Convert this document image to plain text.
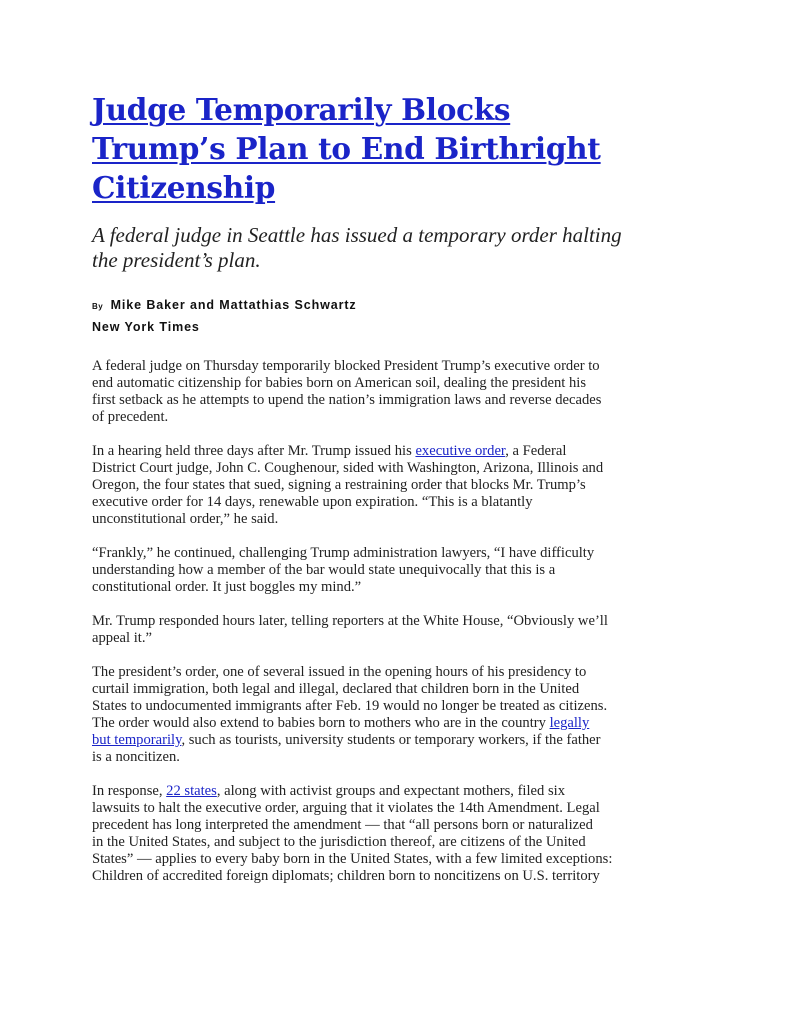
Judge Temporarily Blocks
Trump’s Plan to End Birthright
Citizenship
A federal judge in Seattle has issued a temporary order halting
the president’s plan.
By Mike Baker and Mattathias Schwartz
New York Times

A federal judge on Thursday temporarily blocked President Trump’s executive order to
end automatic citizenship for babies born on American soil, dealing the president his
first setback as he attempts to upend the nation’s immigration laws and reverse decades
of precedent.

In a hearing held three days after Mr. Trump issued his executive order, a Federal
District Court judge, John C. Coughenour, sided with Washington, Arizona, Illinois and
Oregon, the four states that sued, signing a restraining order that blocks Mr. Trump’s
executive order for 14 days, renewable upon expiration. “This is a blatantly
unconstitutional order,” he said.

“Frankly,” he continued, challenging Trump administration lawyers, “I have difficulty
understanding how a member of the bar would state unequivocally that this is a
constitutional order. It just boggles my mind.”

Mr. Trump responded hours later, telling reporters at the White House, “Obviously we’ll
appeal it.”

The president’s order, one of several issued in the opening hours of his presidency to
curtail immigration, both legal and illegal, declared that children born in the United
States to undocumented immigrants after Feb. 19 would no longer be treated as citizens.
The order would also extend to babies born to mothers who are in the country legally
but temporarily, such as tourists, university students or temporary workers, if the father
is a noncitizen.

In response, 22 states, along with activist groups and expectant mothers, filed six
lawsuits to halt the executive order, arguing that it violates the 14th Amendment. Legal
precedent has long interpreted the amendment — that “all persons born or naturalized
in the United States, and subject to the jurisdiction thereof, are citizens of the United
States” — applies to every baby born in the United States, with a few limited exceptions:
Children of accredited foreign diplomats; children born to noncitizens on U.S. territory
